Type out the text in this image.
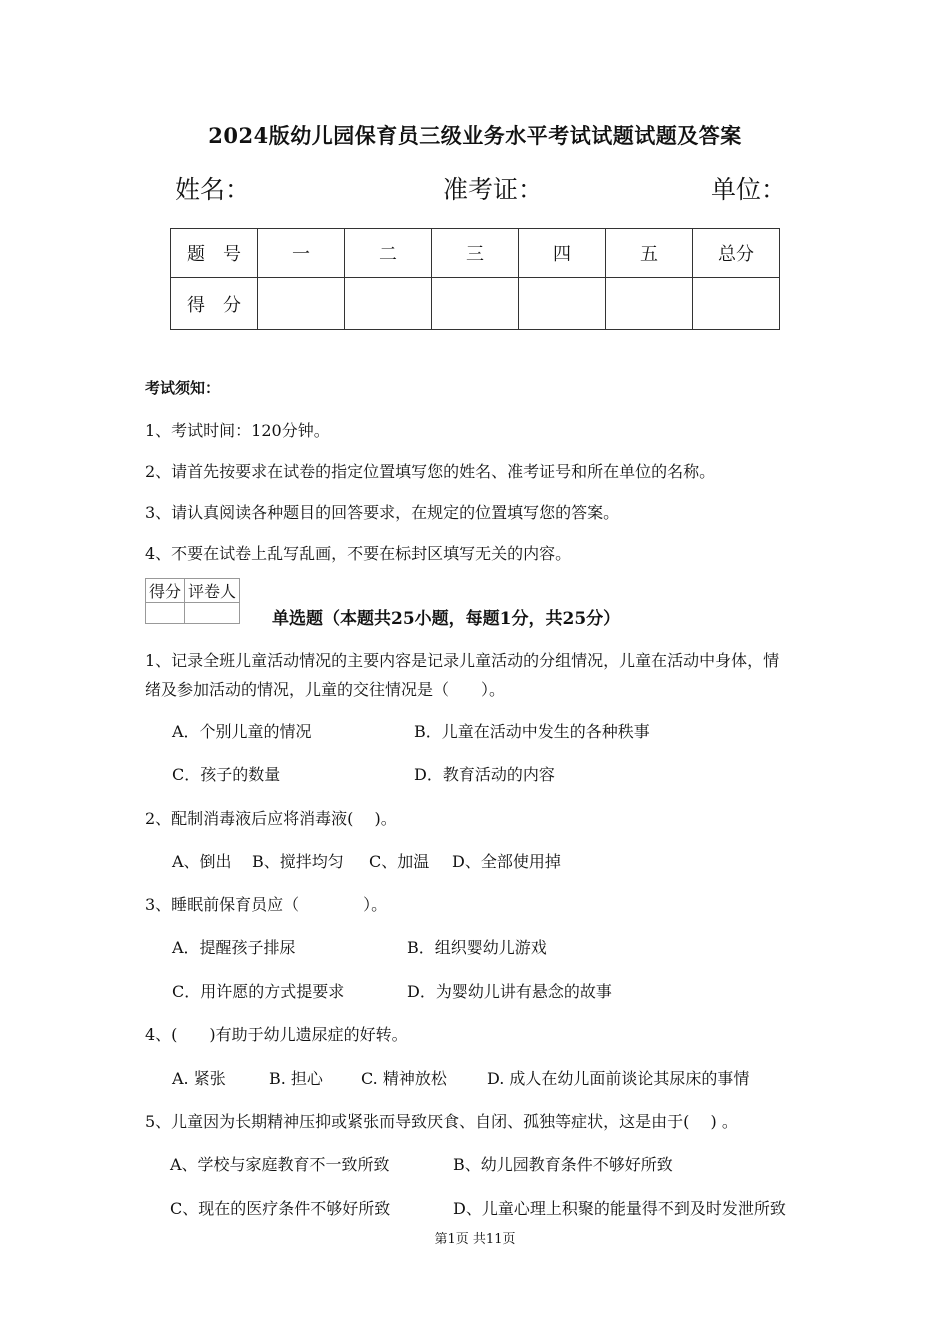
2024版幼儿园保育员三级业务水平考试试题试题及答案
姓名：	准考证：	单位：
题　号	一	二	三	四	五	总分
得　分						
考试须知：
1、考试时间：120分钟。
2、请首先按要求在试卷的指定位置填写您的姓名、准考证号和所在单位的名称。
3、请认真阅读各种题目的回答要求，在规定的位置填写您的答案。
4、不要在试卷上乱写乱画，不要在标封区填写无关的内容。
得分	评卷人

单选题（本题共25小题，每题1分，共25分）
1、记录全班儿童活动情况的主要内容是记录儿童活动的分组情况，儿童在活动中身体，情
绪及参加活动的情况，儿童的交往情况是（　　）。
A．个别儿童的情况	B．儿童在活动中发生的各种秩事
C．孩子的数量	D．教育活动的内容
2、配制消毒液后应将消毒液(　 )。
A、倒出 B、搅拌均匀 C、加温 D、全部使用掉
3、睡眠前保育员应（　　　　）。
A．提醒孩子排尿	B．组织婴幼儿游戏
C．用许愿的方式提要求	D．为婴幼儿讲有悬念的故事
4、(　　)有助于幼儿遗尿症的好转。
A. 紧张	B. 担心 C. 精神放松	D. 成人在幼儿面前谈论其尿床的事情
5、儿童因为长期精神压抑或紧张而导致厌食、自闭、孤独等症状，这是由于(　 ) 。
A、学校与家庭教育不一致所致	B、幼儿园教育条件不够好所致
C、现在的医疗条件不够好所致	D、儿童心理上积聚的能量得不到及时发泄所致
第1页 共11页
